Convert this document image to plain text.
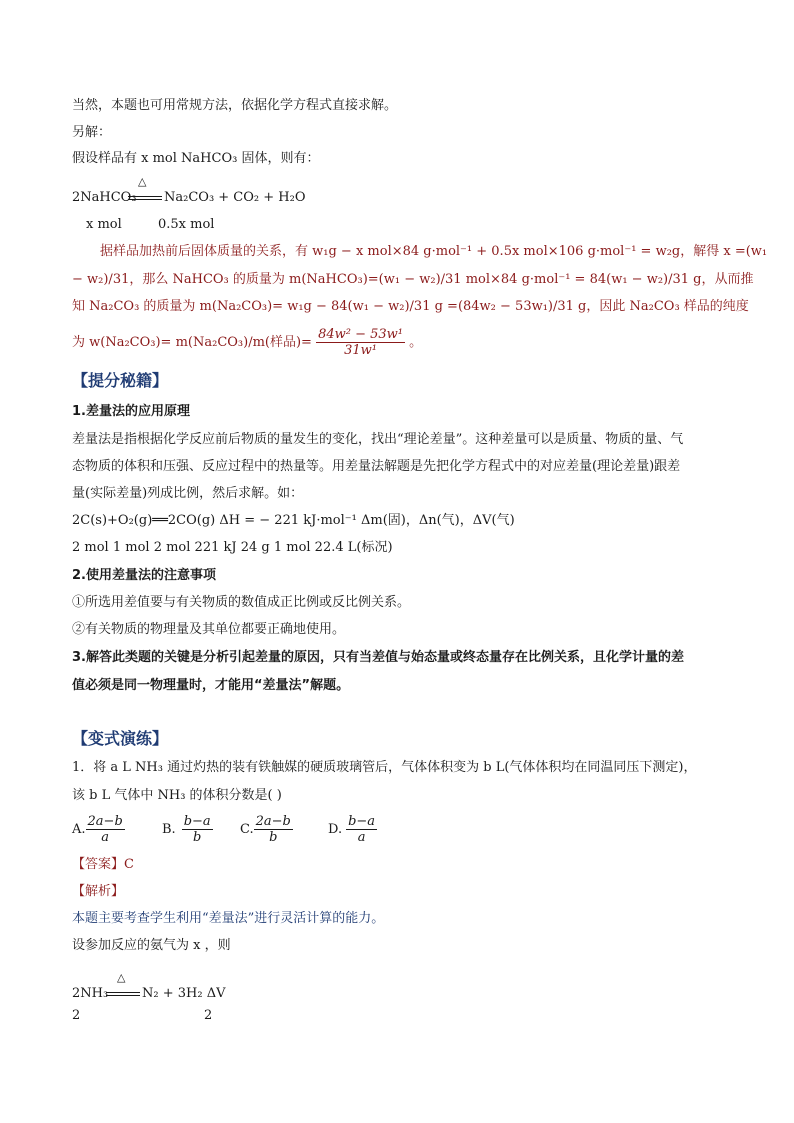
当然，本题也可用常规方法，依据化学方程式直接求解。
另解：
假设样品有 x mol NaHCO₃ 固体，则有：
△
2NaHCO₃ Na₂CO₃ + CO₂ + H₂O
x mol	0.5x mol
据样品加热前后固体质量的关系，有 w₁g − x mol×84 g·mol⁻¹ + 0.5x mol×106 g·mol⁻¹ = w₂g，解得 x =(w₁
− w₂)/31，那么 NaHCO₃ 的质量为 m(NaHCO₃)=(w₁ − w₂)/31 mol×84 g·mol⁻¹ = 84(w₁ − w₂)/31 g，从而推
知 Na₂CO₃ 的质量为 m(Na₂CO₃)= w₁g − 84(w₁ − w₂)/31 g =(84w₂ − 53w₁)/31 g，因此 Na₂CO₃ 样品的纯度
为 w(Na₂CO₃)= m(Na₂CO₃)/m(样品)= $\frac{\text{84w² − 53w¹}}{\text{31w¹}}$ 。
【提分秘籍】
1.差量法的应用原理
差量法是指根据化学反应前后物质的量发生的变化，找出“理论差量”。这种差量可以是质量、物质的量、气
态物质的体积和压强、反应过程中的热量等。用差量法解题是先把化学方程式中的对应差量(理论差量)跟差
量(实际差量)列成比例，然后求解。如：
2C(s)+O₂(g)══2CO(g) ΔH = − 221 kJ·mol⁻¹ Δm(固)，Δn(气)，ΔV(气)
2 mol 1 mol 2 mol 221 kJ 24 g 1 mol 22.4 L(标况)
2.使用差量法的注意事项
①所选用差值要与有关物质的数值成正比例或反比例关系。
②有关物质的物理量及其单位都要正确地使用。
3.解答此类题的关键是分析引起差量的原因，只有当差值与始态量或终态量存在比例关系，且化学计量的差
值必须是同一物理量时，才能用“差量法”解题。
【变式演练】
1．将 a L NH₃ 通过灼热的装有铁触媒的硬质玻璃管后，气体体积变为 b L(气体体积均在同温同压下测定)，
该 b L 气体中 NH₃ 的体积分数是( )
A. $\frac{2a-b}{a}$	B. $\frac{b-a}{b} C$. $\frac{2a-b}{b}$	D. $\frac{b-a}{a}$
【答案】C
【解析】
本题主要考查学生利用“差量法”进行灵活计算的能力。
设参加反应的氨气为 x ，则
△
2NH₃	N₂ + 3H₂ ΔV
2	2
